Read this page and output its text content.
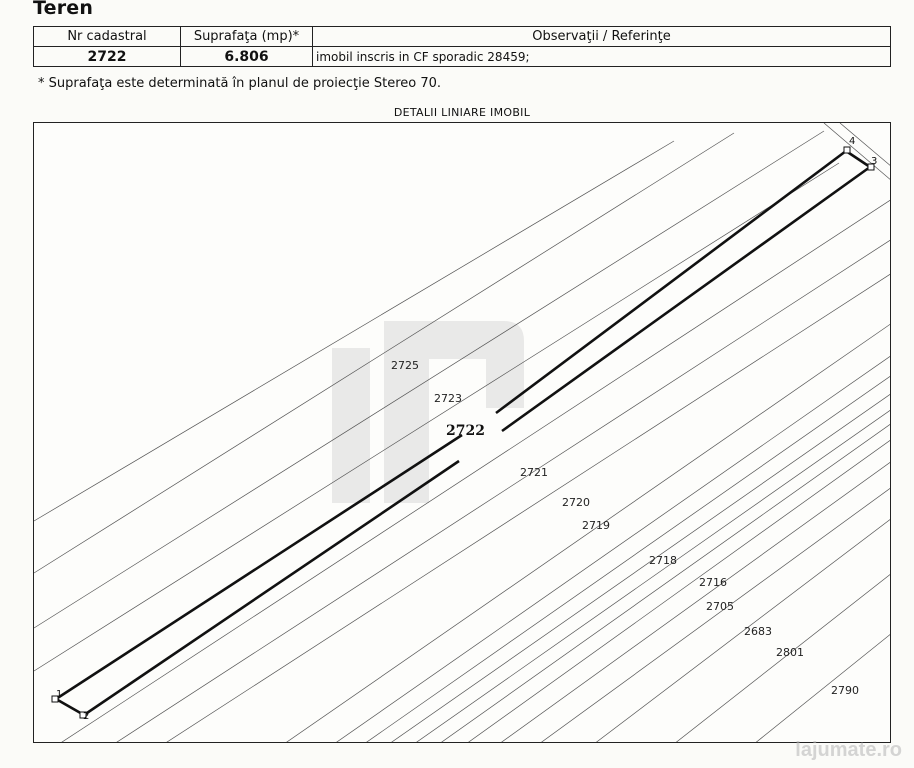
Teren
Nr cadastral	Suprafaţa (mp)*	Observaţii / Referinţe
2722	6.806	imobil inscris in CF sporadic 28459;
* Suprafaţa este determinată în planul de proiecţie Stereo 70.
DETALII LINIARE IMOBIL
2722
2725
2723
2721
2720
2719
2718
2716
2705
2683
2801
2790
1
2
3
4
lajumate.ro
